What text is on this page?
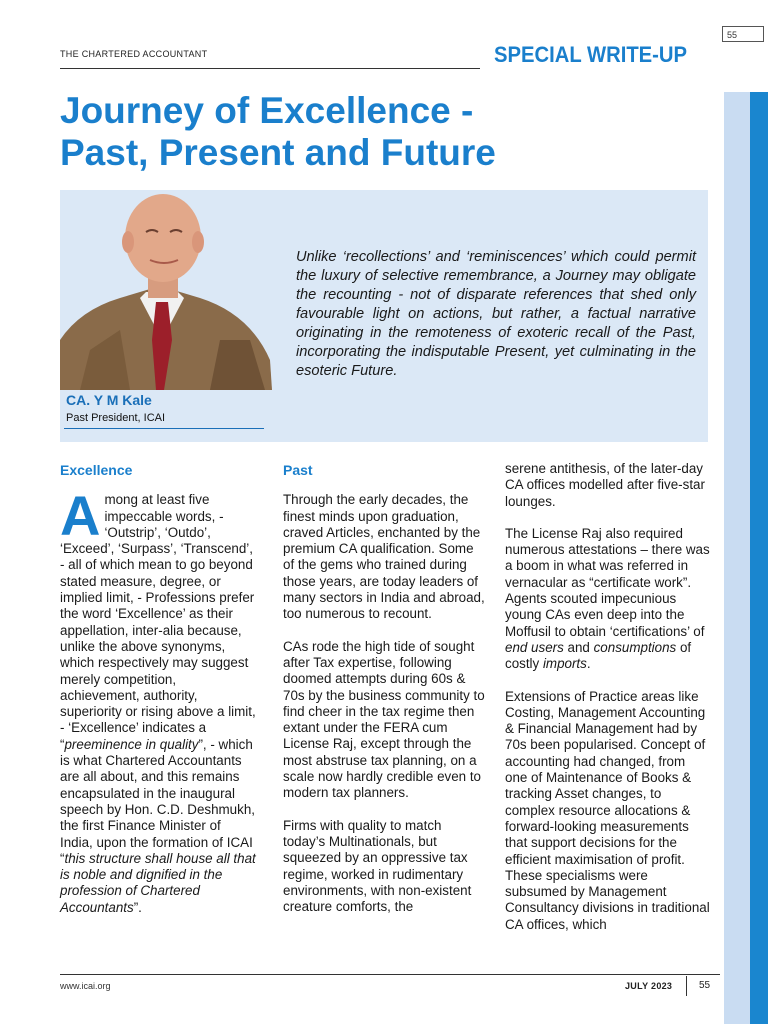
55
THE CHARTERED ACCOUNTANT	SPECIAL WRITE-UP
Journey of Excellence -
Past, Present and Future
Unlike ‘recollections’ and ‘reminiscences’ which could permit the luxury of selective remembrance, a Journey may obligate the recounting - not of disparate references that shed only favourable light on actions, but rather, a factual narrative originating in the remoteness of exoteric recall of the Past, incorporating the indisputable Present, yet culminating in the esoteric Future.
CA. Y M Kale
Past President, ICAI
Excellence

Among at least five impeccable words, - ‘Outstrip’, ‘Outdo’, ‘Exceed’, ‘Surpass’, ‘Transcend’, - all of which mean to go beyond stated measure, degree, or implied limit, - Professions prefer the word ‘Excellence’ as their appellation, inter-alia because, unlike the above synonyms, which respectively may suggest merely competition, achievement, authority, superiority or rising above a limit, - ‘Excellence’ indicates a “preeminence in quality”, - which is what Chartered Accountants are all about, and this remains encapsulated in the inaugural speech by Hon. C.D. Deshmukh, the first Finance Minister of India, upon the formation of ICAI “this structure shall house all that is noble and dignified in the profession of Chartered Accountants”.

Past

Through the early decades, the finest minds upon graduation, craved Articles, enchanted by the premium CA qualification. Some of the gems who trained during those years, are today leaders of many sectors in India and abroad, too numerous to recount.

CAs rode the high tide of sought after Tax expertise, following doomed attempts during 60s & 70s by the business community to find cheer in the tax regime then extant under the FERA cum License Raj, except through the most abstruse tax planning, on a scale now hardly credible even to modern tax planners.

Firms with quality to match today’s Multinationals, but squeezed by an oppressive tax regime, worked in rudimentary environments, with non-existent creature comforts, the

serene antithesis, of the later-day CA offices modelled after five-star lounges.

The License Raj also required numerous attestations – there was a boom in what was referred in vernacular as “certificate work”. Agents scouted impecunious young CAs even deep into the Moffusil to obtain ‘certifications’ of end users and consumptions of costly imports.

Extensions of Practice areas like Costing, Management Accounting & Financial Management had by 70s been popularised. Concept of accounting had changed, from one of Maintenance of Books & tracking Asset changes, to complex resource allocations & forward-looking measurements that support decisions for the efficient maximisation of profit. These specialisms were subsumed by Management Consultancy divisions in traditional CA offices, which

www.icai.org	JULY 2023	55
